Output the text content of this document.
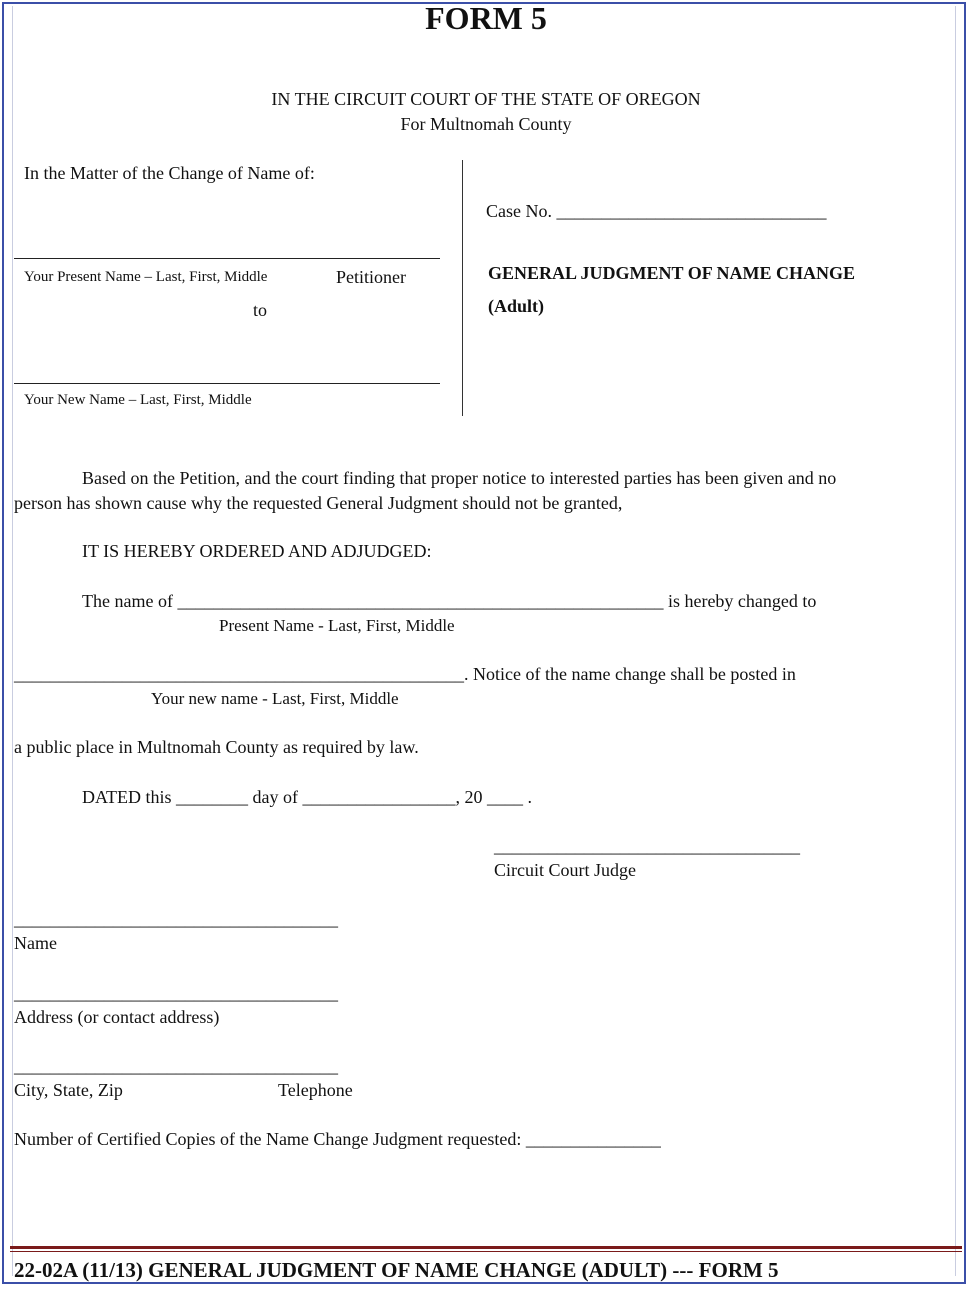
FORM 5
IN THE CIRCUIT COURT OF THE STATE OF OREGON
For Multnomah County
In the Matter of the Change of Name of:
Your Present Name – Last, First, Middle	Petitioner
to
Your New Name – Last, First, Middle
Case No. ______________________________
GENERAL JUDGMENT OF NAME CHANGE
(Adult)
Based on the Petition, and the court finding that proper notice to interested parties has been given and no
person has shown cause why the requested General Judgment should not be granted,
IT IS HEREBY ORDERED AND ADJUDGED:
The name of ______________________________________________________ is hereby changed to
Present Name - Last, First, Middle
__________________________________________________. Notice of the name change shall be posted in
Your new name - Last, First, Middle
a public place in Multnomah County as required by law.
DATED this ________ day of _________________, 20 ____ .
__________________________________
Circuit Court Judge
____________________________________
Name
____________________________________
Address (or contact address)
____________________________________
City, State, Zip	Telephone
Number of Certified Copies of the Name Change Judgment requested: _______________
22-02A (11/13) GENERAL JUDGMENT OF NAME CHANGE (ADULT) --- FORM 5
